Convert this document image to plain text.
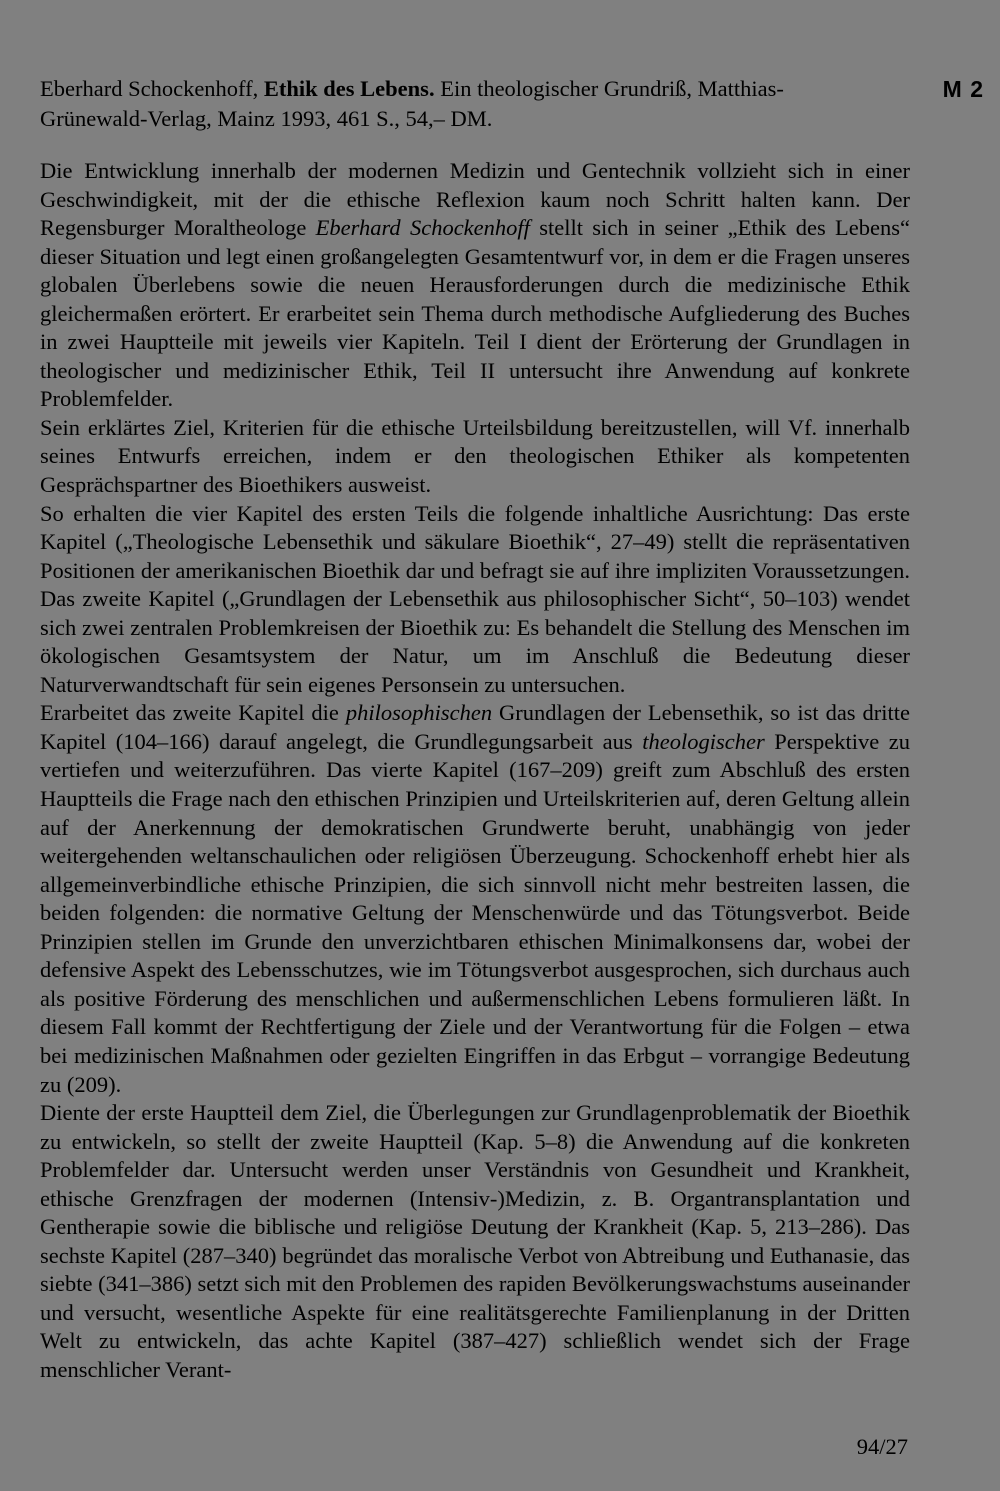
M 2
Eberhard Schockenhoff, Ethik des Lebens. Ein theologischer Grundriß, Matthias-
Grünewald-Verlag, Mainz 1993, 461 S., 54,– DM.

Die Entwicklung innerhalb der modernen Medizin und Gentechnik vollzieht sich in einer Geschwindigkeit, mit der die ethische Reflexion kaum noch Schritt halten kann. Der Regensburger Moraltheologe Eberhard Schockenhoff stellt sich in seiner „Ethik des Lebens“ dieser Situation und legt einen großangelegten Gesamtentwurf vor, in dem er die Fragen unseres globalen Überlebens sowie die neuen Herausforderungen durch die medizinische Ethik gleichermaßen erörtert. Er erarbeitet sein Thema durch methodische Aufgliederung des Buches in zwei Hauptteile mit jeweils vier Kapiteln. Teil I dient der Erörterung der Grundlagen in theologischer und medizinischer Ethik, Teil II untersucht ihre Anwendung auf konkrete Problemfelder.

Sein erklärtes Ziel, Kriterien für die ethische Urteilsbildung bereitzustellen, will Vf. innerhalb seines Entwurfs erreichen, indem er den theologischen Ethiker als kompetenten Gesprächspartner des Bioethikers ausweist.

So erhalten die vier Kapitel des ersten Teils die folgende inhaltliche Ausrichtung: Das erste Kapitel („Theologische Lebensethik und säkulare Bioethik“, 27–49) stellt die repräsentativen Positionen der amerikanischen Bioethik dar und befragt sie auf ihre impliziten Voraussetzungen. Das zweite Kapitel („Grundlagen der Lebensethik aus philosophischer Sicht“, 50–103) wendet sich zwei zentralen Problemkreisen der Bioethik zu: Es behandelt die Stellung des Menschen im ökologischen Gesamtsystem der Natur, um im Anschluß die Bedeutung dieser Naturverwandtschaft für sein eigenes Personsein zu untersuchen.

Erarbeitet das zweite Kapitel die philosophischen Grundlagen der Lebensethik, so ist das dritte Kapitel (104–166) darauf angelegt, die Grundlegungsarbeit aus theologischer Perspektive zu vertiefen und weiterzuführen. Das vierte Kapitel (167–209) greift zum Abschluß des ersten Hauptteils die Frage nach den ethischen Prinzipien und Urteilskriterien auf, deren Geltung allein auf der Anerkennung der demokratischen Grundwerte beruht, unabhängig von jeder weitergehenden weltanschaulichen oder religiösen Überzeugung. Schockenhoff erhebt hier als allgemeinverbindliche ethische Prinzipien, die sich sinnvoll nicht mehr bestreiten lassen, die beiden folgenden: die normative Geltung der Menschenwürde und das Tötungsverbot. Beide Prinzipien stellen im Grunde den unverzichtbaren ethischen Minimalkonsens dar, wobei der defensive Aspekt des Lebensschutzes, wie im Tötungsverbot ausgesprochen, sich durchaus auch als positive Förderung des menschlichen und außermenschlichen Lebens formulieren läßt. In diesem Fall kommt der Rechtfertigung der Ziele und der Verantwortung für die Folgen – etwa bei medizinischen Maßnahmen oder gezielten Eingriffen in das Erbgut – vorrangige Bedeutung zu (209).

Diente der erste Hauptteil dem Ziel, die Überlegungen zur Grundlagenproblematik der Bioethik zu entwickeln, so stellt der zweite Hauptteil (Kap. 5–8) die Anwendung auf die konkreten Problemfelder dar. Untersucht werden unser Verständnis von Gesundheit und Krankheit, ethische Grenzfragen der modernen (Intensiv-)Medizin, z. B. Organtransplantation und Gentherapie sowie die biblische und religiöse Deutung der Krankheit (Kap. 5, 213–286). Das sechste Kapitel (287–340) begründet das moralische Verbot von Abtreibung und Euthanasie, das siebte (341–386) setzt sich mit den Problemen des rapiden Bevölkerungswachstums auseinander und versucht, wesentliche Aspekte für eine realitätsgerechte Familienplanung in der Dritten Welt zu entwickeln, das achte Kapitel (387–427) schließlich wendet sich der Frage menschlicher Verant-

94/27
